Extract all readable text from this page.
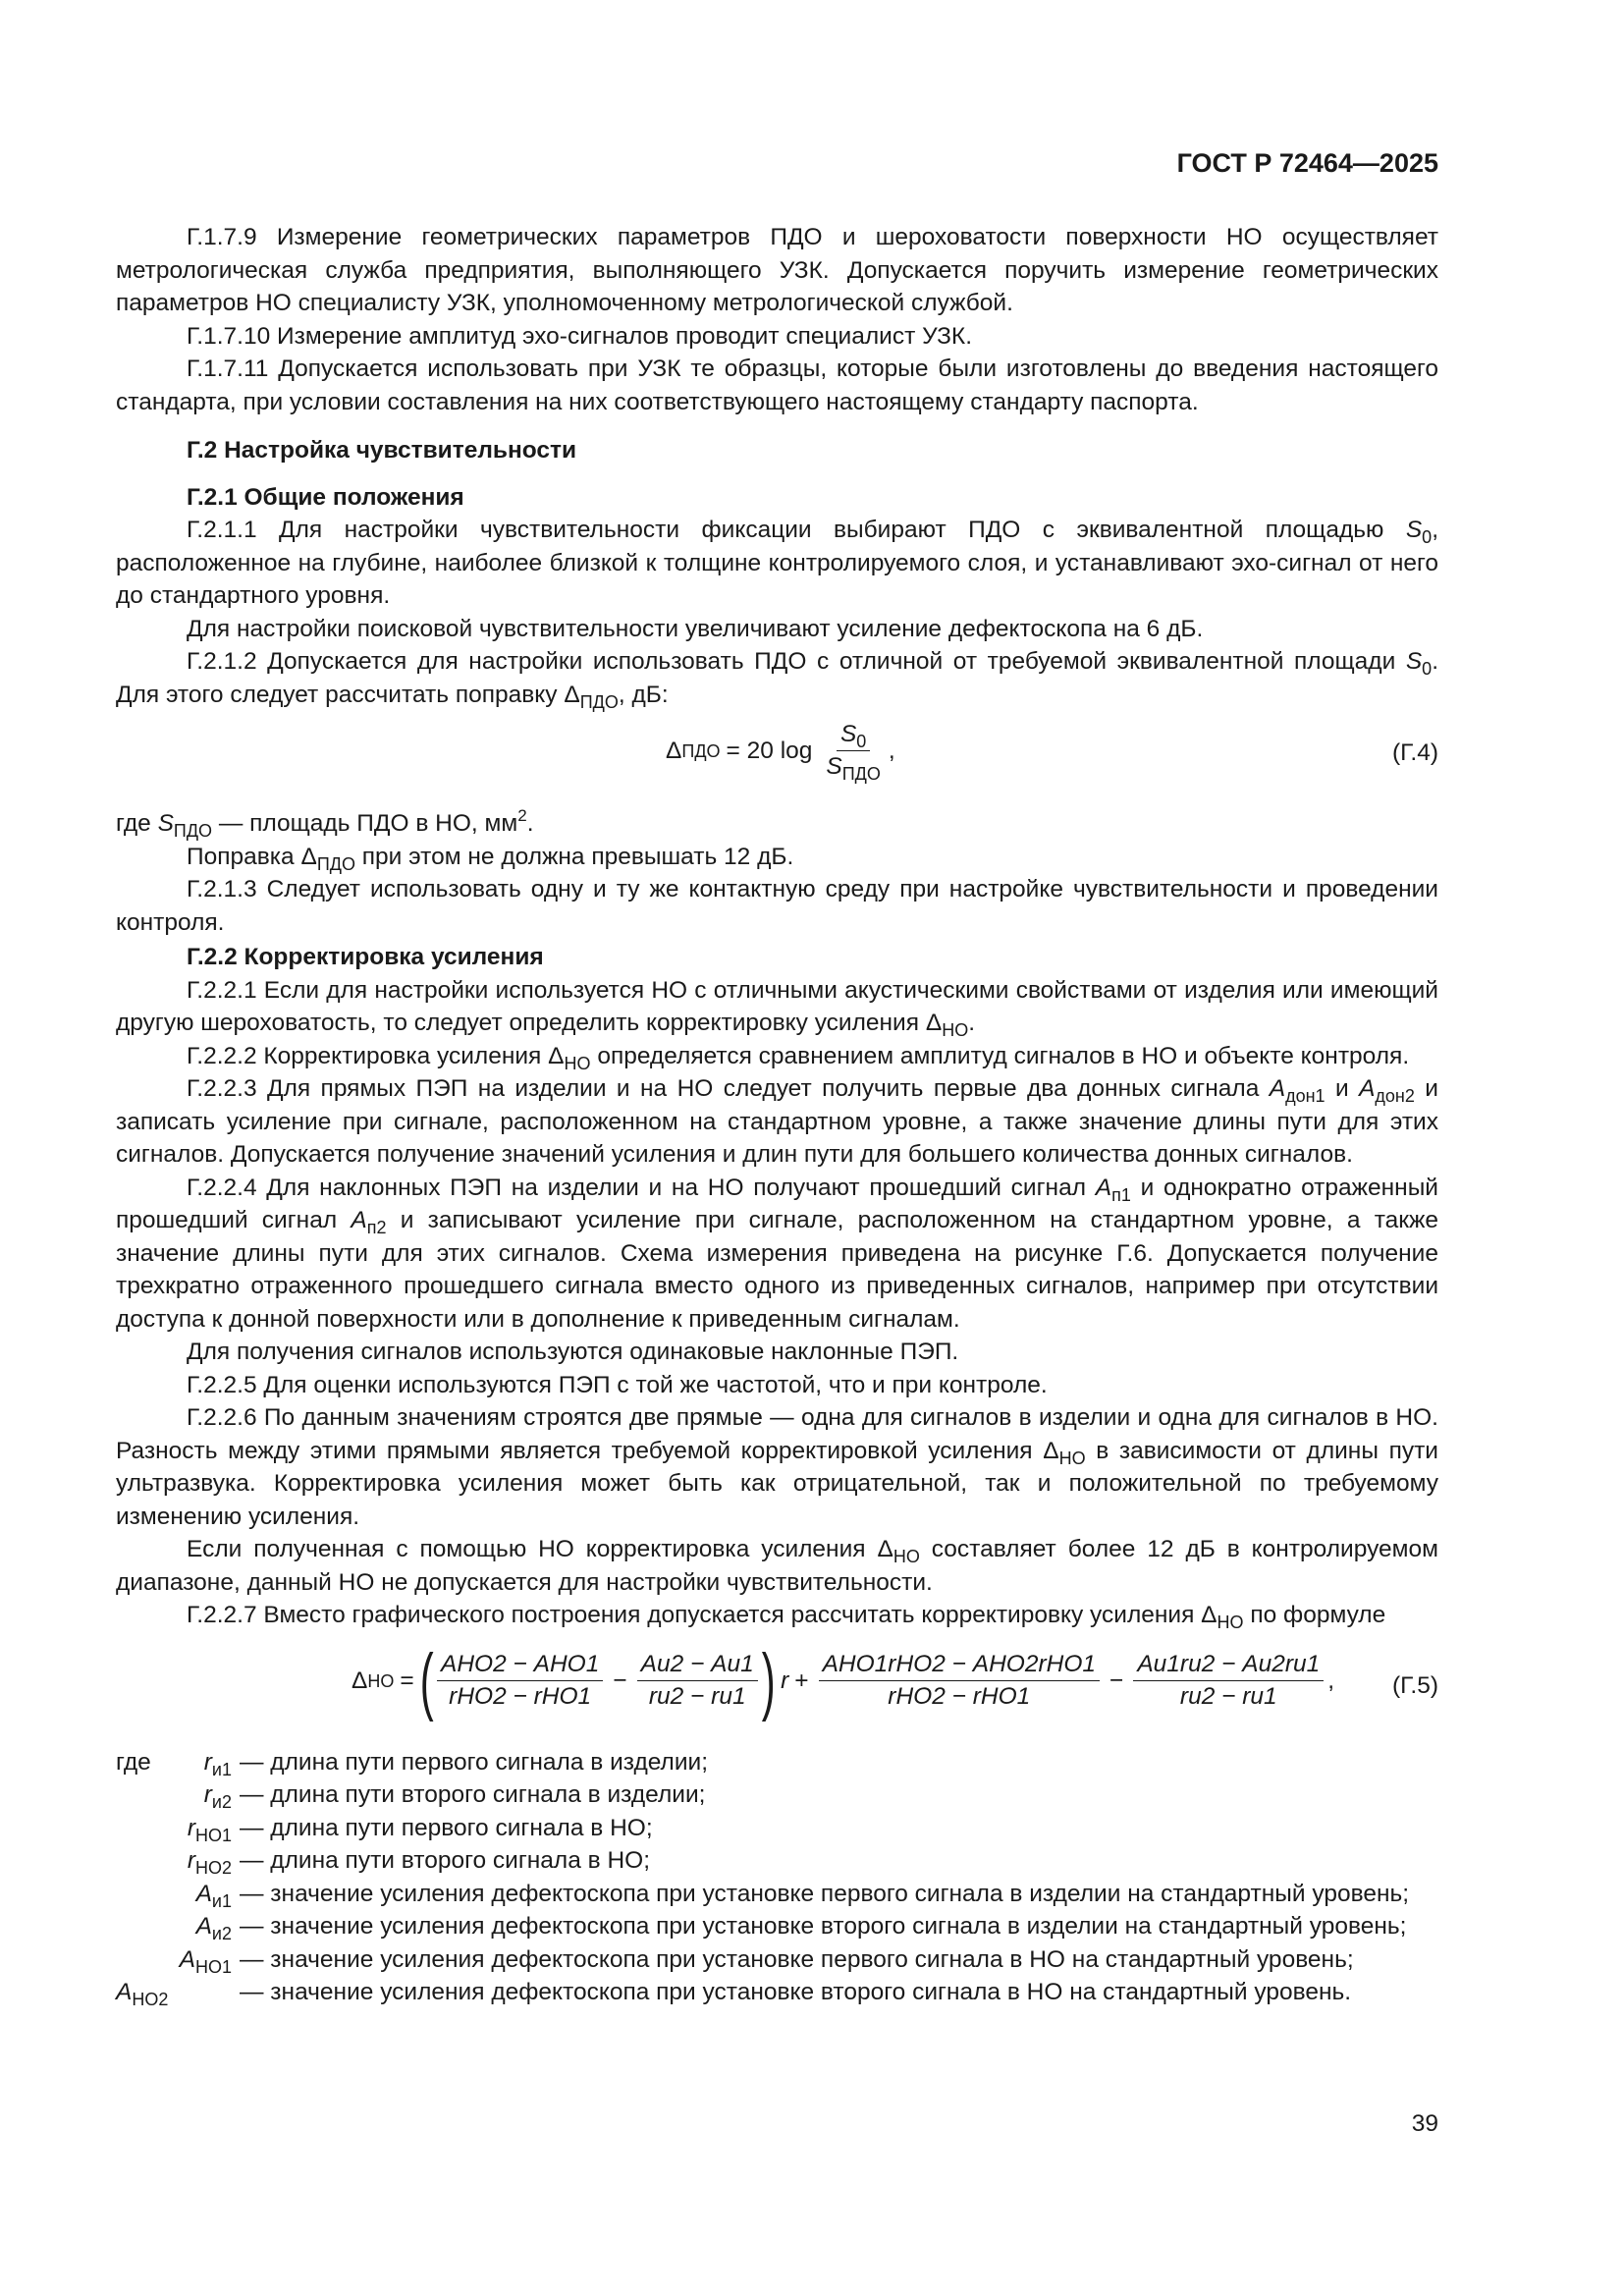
ГОСТ Р 72464—2025

Г.1.7.9 Измерение геометрических параметров ПДО и шероховатости поверхности НО осуществляет метрологическая служба предприятия, выполняющего УЗК. Допускается поручить измерение геометрических параметров НО специалисту УЗК, уполномоченному метрологической службой.

Г.1.7.10 Измерение амплитуд эхо-сигналов проводит специалист УЗК.

Г.1.7.11 Допускается использовать при УЗК те образцы, которые были изготовлены до введения настоящего стандарта, при условии составления на них соответствующего настоящему стандарту паспорта.

Г.2 Настройка чувствительности

Г.2.1 Общие положения

Г.2.1.1 Для настройки чувствительности фиксации выбирают ПДО с эквивалентной площадью $S_0$, расположенное на глубине, наиболее близкой к толщине контролируемого слоя, и устанавливают эхо-сигнал от него до стандартного уровня.

Для настройки поисковой чувствительности увеличивают усиление дефектоскопа на 6 дБ.

Г.2.1.2 Допускается для настройки использовать ПДО с отличной от требуемой эквивалентной площади $S_0$. Для этого следует рассчитать поправку $\Delta_{ПДО}$, дБ:

Δ ПДО = 20 $\log \frac{S_0}{S_{ПДО}}$ ,	(Г.4)

где $S_{ПДО}$ — площадь ПДО в НО, $мм^2$.

Поправка $\Delta_{ПДО}$ при этом не должна превышать 12 дБ.

Г.2.1.3 Следует использовать одну и ту же контактную среду при настройке чувствительности и проведении контроля.

Г.2.2 Корректировка усиления

Г.2.2.1 Если для настройки используется НО с отличными акустическими свойствами от изделия или имеющий другую шероховатость, то следует определить корректировку усиления $\Delta_{НО}$.

Г.2.2.2 Корректировка усиления $\Delta_{НО}$ определяется сравнением амплитуд сигналов в НО и объекте контроля.

Г.2.2.3 Для прямых ПЭП на изделии и на НО следует получить первые два донных сигнала $A_{дон1}$ и $A_{дон2}$ и записать усиление при сигнале, расположенном на стандартном уровне, а также значение длины пути для этих сигналов. Допускается получение значений усиления и длин пути для большего количества донных сигналов.

Г.2.2.4 Для наклонных ПЭП на изделии и на НО получают прошедший сигнал $A_{п1}$ и однократно отраженный прошедший сигнал $A_{п2}$ и записывают усиление при сигнале, расположенном на стандартном уровне, а также значение длины пути для этих сигналов. Схема измерения приведена на рисунке Г.6. Допускается получение трехкратно отраженного прошедшего сигнала вместо одного из приведенных сигналов, например при отсутствии доступа к донной поверхности или в дополнение к приведенным сигналам.

Для получения сигналов используются одинаковые наклонные ПЭП.

Г.2.2.5 Для оценки используются ПЭП с той же частотой, что и при контроле.

Г.2.2.6 По данным значениям строятся две прямые — одна для сигналов в изделии и одна для сигналов в НО. Разность между этими прямыми является требуемой корректировкой усиления $\Delta_{НО}$ в зависимости от длины пути ультразвука. Корректировка усиления может быть как отрицательной, так и положительной по требуемому изменению усиления.

Если полученная с помощью НО корректировка усиления $\Delta_{НО}$ составляет более 12 дБ в контролируемом диапазоне, данный НО не допускается для настройки чувствительности.

Г.2.2.7 Вместо графического построения допускается рассчитать корректировку усиления $\Delta_{НО}$ по формуле

Δ НО = ( $\frac{\text{AНО2 − AНО1}}{\text{rНО2 − rНО1}} - \frac{Aи2 - Aи1}{rи2 - rи1}$ ) $r + \frac{\text{AНО1rНО2 − AНО2rНО1}}{\text{rНО2 − rНО1}} - \frac{Aи1rи2 - Aи2rи1}{rи2 - rи1}$ , (Г.5)
где $r_{и1}$ — длина пути первого сигнала в изделии;
$r_{и2}$ — длина пути второго сигнала в изделии;
$r_{НО1}$ — длина пути первого сигнала в НО;
$r_{НО2}$ — длина пути второго сигнала в НО;
$A_{и1}$ — значение усиления дефектоскопа при установке первого сигнала в изделии на стандартный уровень;
$A_{и2}$ — значение усиления дефектоскопа при установке второго сигнала в изделии на стандартный уровень;
$A_{НО1}$ — значение усиления дефектоскопа при установке первого сигнала в НО на стандартный уровень;
$A_{НО2}$	— значение усиления дефектоскопа при установке второго сигнала в НО на стандартный уровень.
39
